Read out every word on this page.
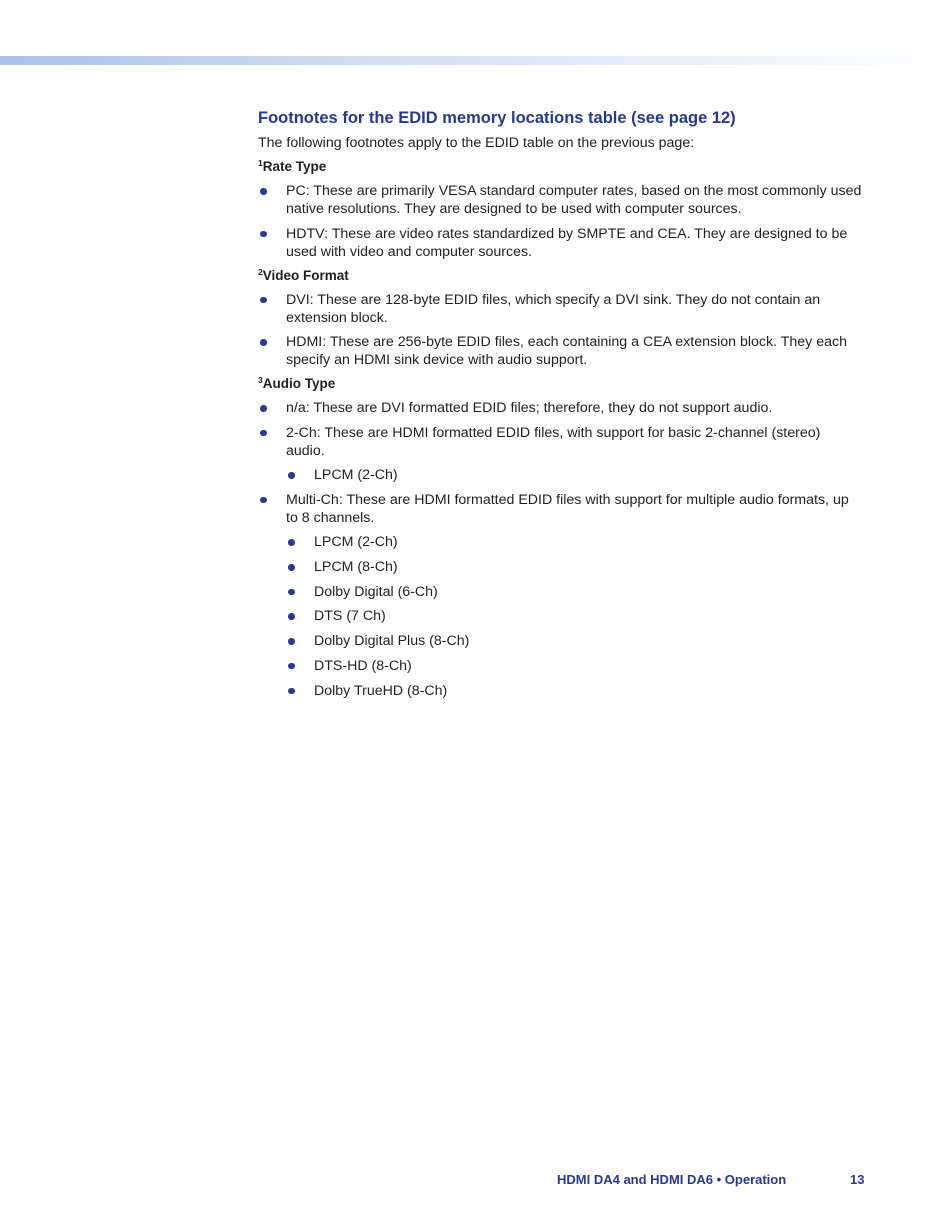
Footnotes for the EDID memory locations table (see page 12)

The following footnotes apply to the EDID table on the previous page:

$^1$Rate Type
PC: These are primarily VESA standard computer rates, based on the most commonly used native resolutions. They are designed to be used with computer sources.
HDTV: These are video rates standardized by SMPTE and CEA. They are designed to be used with video and computer sources.
$^2$Video Format
DVI: These are 128-byte EDID files, which specify a DVI sink. They do not contain an extension block.
HDMI: These are 256-byte EDID files, each containing a CEA extension block. They each specify an HDMI sink device with audio support.
$^3$Audio Type
n/a: These are DVI formatted EDID files; therefore, they do not support audio.
2-Ch: These are HDMI formatted EDID files, with support for basic 2-channel (stereo) audio.
LPCM (2-Ch)
Multi-Ch: These are HDMI formatted EDID files with support for multiple audio formats, up to 8 channels.
LPCM (2-Ch)
LPCM (8-Ch)
Dolby Digital (6-Ch)
DTS (7 Ch)
Dolby Digital Plus (8-Ch)
DTS-HD (8-Ch)
Dolby TrueHD (8-Ch)
HDMI DA4 and HDMI DA6 • Operation	13
